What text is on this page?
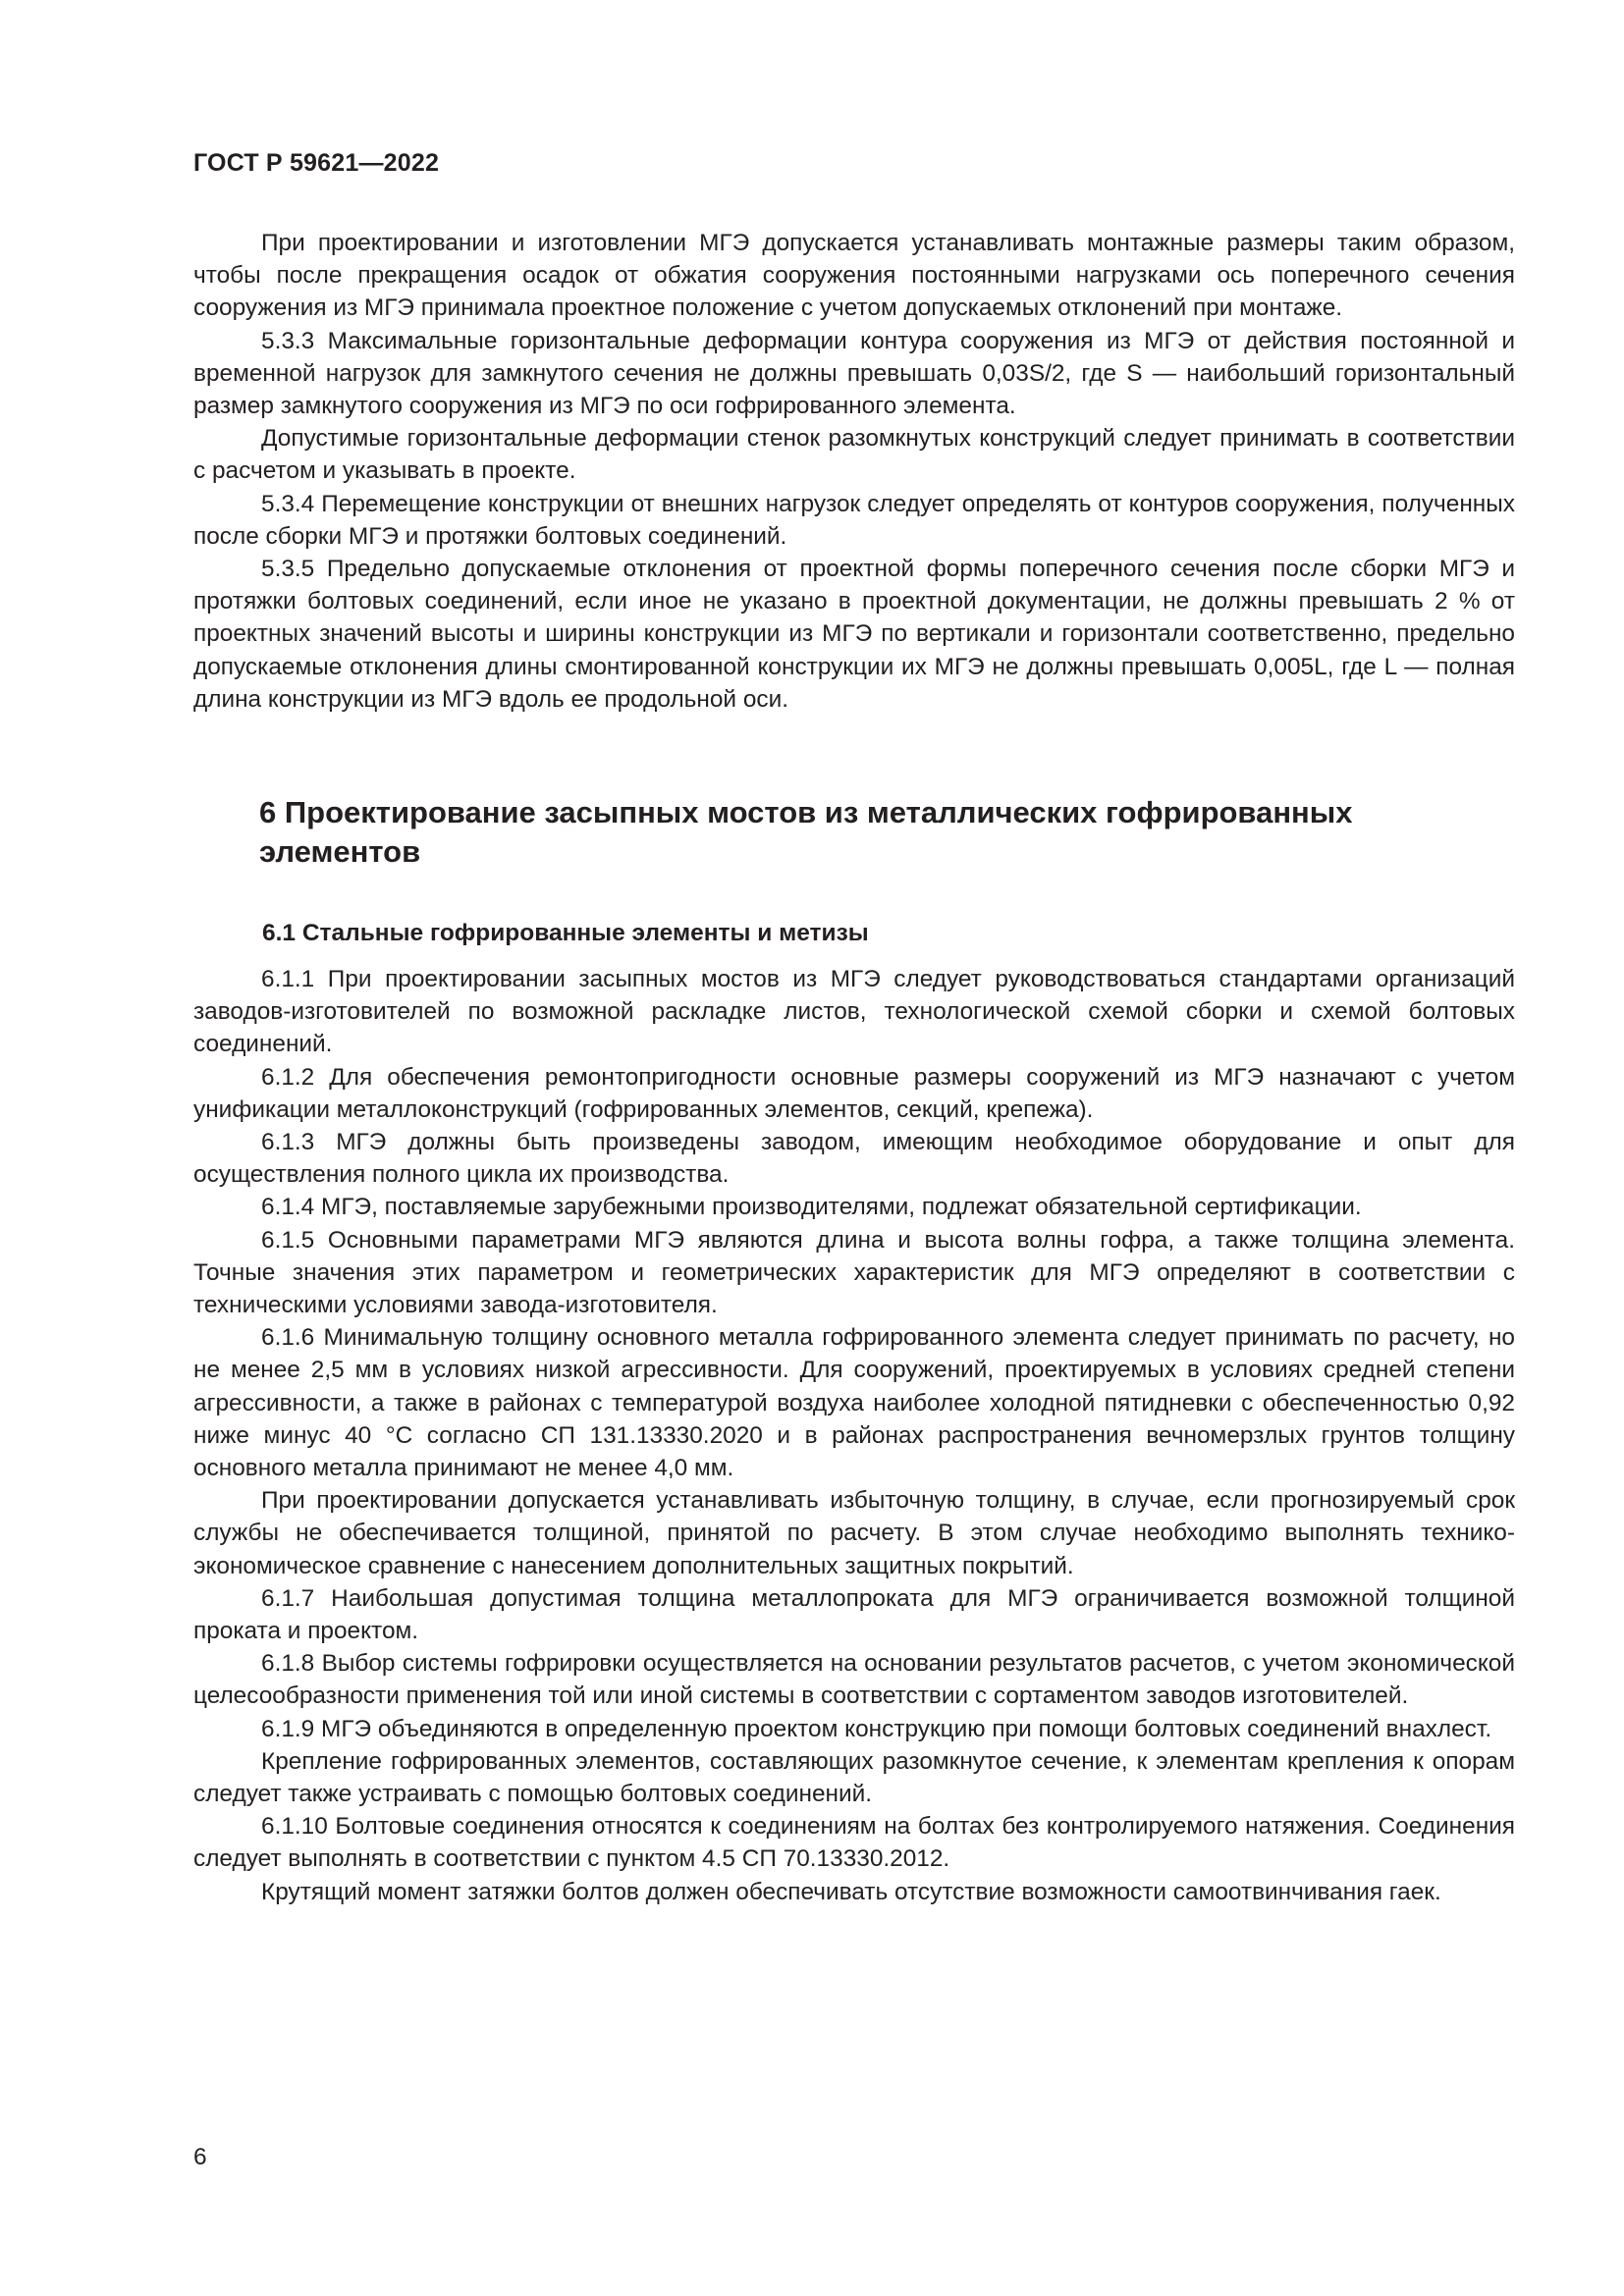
ГОСТ Р 59621—2022

При проектировании и изготовлении МГЭ допускается устанавливать монтажные размеры таким образом, чтобы после прекращения осадок от обжатия сооружения постоянными нагрузками ось поперечного сечения сооружения из МГЭ принимала проектное положение с учетом допускаемых отклонений при монтаже.

5.3.3 Максимальные горизонтальные деформации контура сооружения из МГЭ от действия постоянной и временной нагрузок для замкнутого сечения не должны превышать 0,03S/2, где S — наибольший горизонтальный размер замкнутого сооружения из МГЭ по оси гофрированного элемента.

Допустимые горизонтальные деформации стенок разомкнутых конструкций следует принимать в соответствии с расчетом и указывать в проекте.

5.3.4 Перемещение конструкции от внешних нагрузок следует определять от контуров сооружения, полученных после сборки МГЭ и протяжки болтовых соединений.

5.3.5 Предельно допускаемые отклонения от проектной формы поперечного сечения после сборки МГЭ и протяжки болтовых соединений, если иное не указано в проектной документации, не должны превышать 2 % от проектных значений высоты и ширины конструкции из МГЭ по вертикали и горизонтали соответственно, предельно допускаемые отклонения длины смонтированной конструкции их МГЭ не должны превышать 0,005L, где L — полная длина конструкции из МГЭ вдоль ее продольной оси.

6 Проектирование засыпных мостов из металлических гофрированных элементов
6.1 Стальные гофрированные элементы и метизы

6.1.1 При проектировании засыпных мостов из МГЭ следует руководствоваться стандартами организаций заводов-изготовителей по возможной раскладке листов, технологической схемой сборки и схемой болтовых соединений.

6.1.2 Для обеспечения ремонтопригодности основные размеры сооружений из МГЭ назначают с учетом унификации металлоконструкций (гофрированных элементов, секций, крепежа).

6.1.3 МГЭ должны быть произведены заводом, имеющим необходимое оборудование и опыт для осуществления полного цикла их производства.

6.1.4 МГЭ, поставляемые зарубежными производителями, подлежат обязательной сертификации.

6.1.5 Основными параметрами МГЭ являются длина и высота волны гофра, а также толщина элемента. Точные значения этих параметром и геометрических характеристик для МГЭ определяют в соответствии с техническими условиями завода-изготовителя.

6.1.6 Минимальную толщину основного металла гофрированного элемента следует принимать по расчету, но не менее 2,5 мм в условиях низкой агрессивности. Для сооружений, проектируемых в условиях средней степени агрессивности, а также в районах с температурой воздуха наиболее холодной пятидневки с обеспеченностью 0,92 ниже минус 40 °С согласно СП 131.13330.2020 и в районах распространения вечномерзлых грунтов толщину основного металла принимают не менее 4,0 мм.

При проектировании допускается устанавливать избыточную толщину, в случае, если прогнозируемый срок службы не обеспечивается толщиной, принятой по расчету. В этом случае необходимо выполнять технико-экономическое сравнение с нанесением дополнительных защитных покрытий.

6.1.7 Наибольшая допустимая толщина металлопроката для МГЭ ограничивается возможной толщиной проката и проектом.

6.1.8 Выбор системы гофрировки осуществляется на основании результатов расчетов, с учетом экономической целесообразности применения той или иной системы в соответствии с сортаментом заводов изготовителей.

6.1.9 МГЭ объединяются в определенную проектом конструкцию при помощи болтовых соединений внахлест.

Крепление гофрированных элементов, составляющих разомкнутое сечение, к элементам крепления к опорам следует также устраивать с помощью болтовых соединений.

6.1.10 Болтовые соединения относятся к соединениям на болтах без контролируемого натяжения. Соединения следует выполнять в соответствии с пунктом 4.5 СП 70.13330.2012.

Крутящий момент затяжки болтов должен обеспечивать отсутствие возможности самоотвинчивания гаек.

6
